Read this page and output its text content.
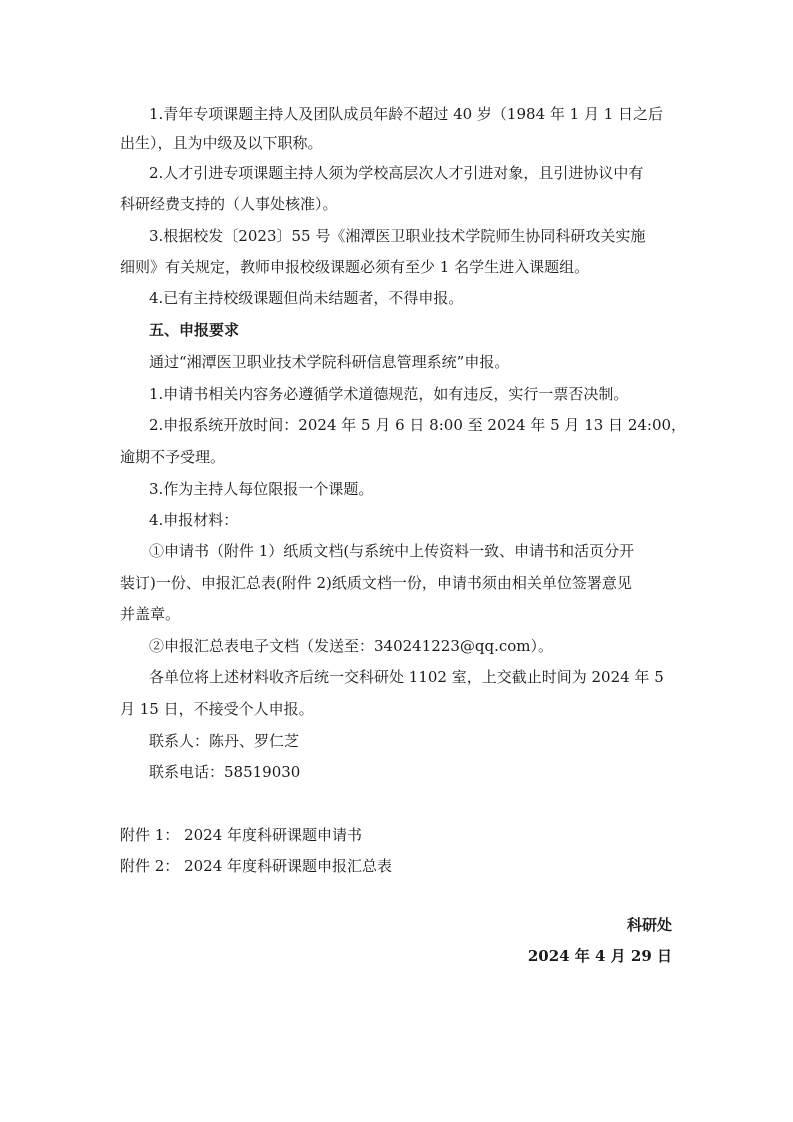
1.青年专项课题主持人及团队成员年龄不超过 40 岁（1984 年 1 月 1 日之后
出生），且为中级及以下职称。
2.人才引进专项课题主持人须为学校高层次人才引进对象，且引进协议中有
科研经费支持的（人事处核准）。
3.根据校发〔2023〕55 号《湘潭医卫职业技术学院师生协同科研攻关实施
细则》有关规定，教师申报校级课题必须有至少 1 名学生进入课题组。
4.已有主持校级课题但尚未结题者，不得申报。
五、申报要求
通过“湘潭医卫职业技术学院科研信息管理系统”申报。
1.申请书相关内容务必遵循学术道德规范，如有违反，实行一票否决制。
2.申报系统开放时间：2024 年 5 月 6 日 8:00 至 2024 年 5 月 13 日 24:00，
逾期不予受理。
3.作为主持人每位限报一个课题。
4.申报材料：
①申请书（附件 1）纸质文档(与系统中上传资料一致、申请书和活页分开
装订)一份、申报汇总表(附件 2)纸质文档一份，申请书须由相关单位签署意见
并盖章。
②申报汇总表电子文档（发送至：340241223@qq.com）。
各单位将上述材料收齐后统一交科研处 1102 室，上交截止时间为 2024 年 5
月 15 日，不接受个人申报。
联系人：陈丹、罗仁芝
联系电话：58519030
附件 1： 2024 年度科研课题申请书
附件 2： 2024 年度科研课题申报汇总表
科研处
2024 年 4 月 29 日
